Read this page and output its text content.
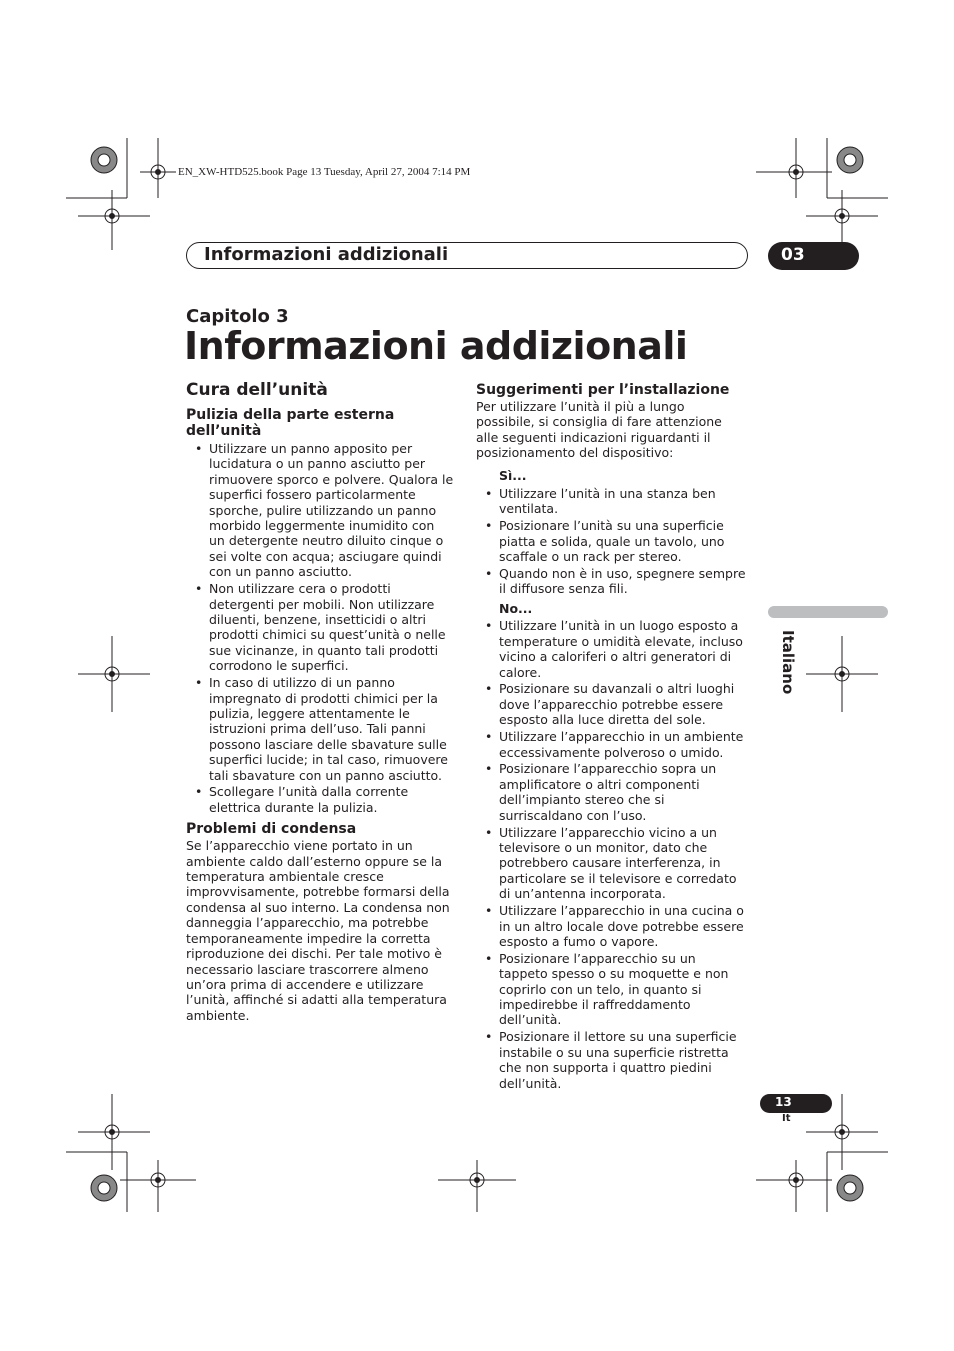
EN_XW-HTD525.book Page 13 Tuesday, April 27, 2004 7:14 PM
Informazioni addizionali	03
Capitolo 3
Informazioni addizionali
Cura dell’unità
Pulizia della parte esterna dell’unità
• Utilizzare un panno apposito per lucidatura o un panno asciutto per rimuovere sporco e polvere. Qualora le superfici fossero particolarmente sporche, pulire utilizzando un panno morbido leggermente inumidito con un detergente neutro diluito cinque o sei volte con acqua; asciugare quindi con un panno asciutto.
• Non utilizzare cera o prodotti detergenti per mobili. Non utilizzare diluenti, benzene, insetticidi o altri prodotti chimici su quest’unità o nelle sue vicinanze, in quanto tali prodotti corrodono le superfici.
• In caso di utilizzo di un panno impregnato di prodotti chimici per la pulizia, leggere attentamente le istruzioni prima dell’uso. Tali panni possono lasciare delle sbavature sulle superfici lucide; in tal caso, rimuovere tali sbavature con un panno asciutto.
• Scollegare l’unità dalla corrente elettrica durante la pulizia.
Problemi di condensa
Se l’apparecchio viene portato in un ambiente caldo dall’esterno oppure se la temperatura ambientale cresce improvvisamente, potrebbe formarsi della condensa al suo interno. La condensa non danneggia l’apparecchio, ma potrebbe temporaneamente impedire la corretta riproduzione dei dischi. Per tale motivo è necessario lasciare trascorrere almeno un’ora prima di accendere e utilizzare l’unità, affinché si adatti alla temperatura ambiente.
Suggerimenti per l’installazione
Per utilizzare l’unità il più a lungo possibile, si consiglia di fare attenzione alle seguenti indicazioni riguardanti il posizionamento del dispositivo:
Sì...
• Utilizzare l’unità in una stanza ben ventilata.
• Posizionare l’unità su una superficie piatta e solida, quale un tavolo, uno scaffale o un rack per stereo.
• Quando non è in uso, spegnere sempre il diffusore senza fili.
No...
• Utilizzare l’unità in un luogo esposto a temperature o umidità elevate, incluso vicino a caloriferi o altri generatori di calore.
• Posizionare su davanzali o altri luoghi dove l’apparecchio potrebbe essere esposto alla luce diretta del sole.
• Utilizzare l’apparecchio in un ambiente eccessivamente polveroso o umido.
• Posizionare l’apparecchio sopra un amplificatore o altri componenti dell’impianto stereo che si surriscaldano con l’uso.
• Utilizzare l’apparecchio vicino a un televisore o un monitor, dato che potrebbero causare interferenza, in particolare se il televisore e corredato di un’antenna incorporata.
• Utilizzare l’apparecchio in una cucina o in un altro locale dove potrebbe essere esposto a fumo o vapore.
• Posizionare l’apparecchio su un tappeto spesso o su moquette e non coprirlo con un telo, in quanto si impedirebbe il raffreddamento dell’unità.
• Posizionare il lettore su una superficie instabile o su una superficie ristretta che non supporta i quattro piedini dell’unità.
Italiano
13
It
